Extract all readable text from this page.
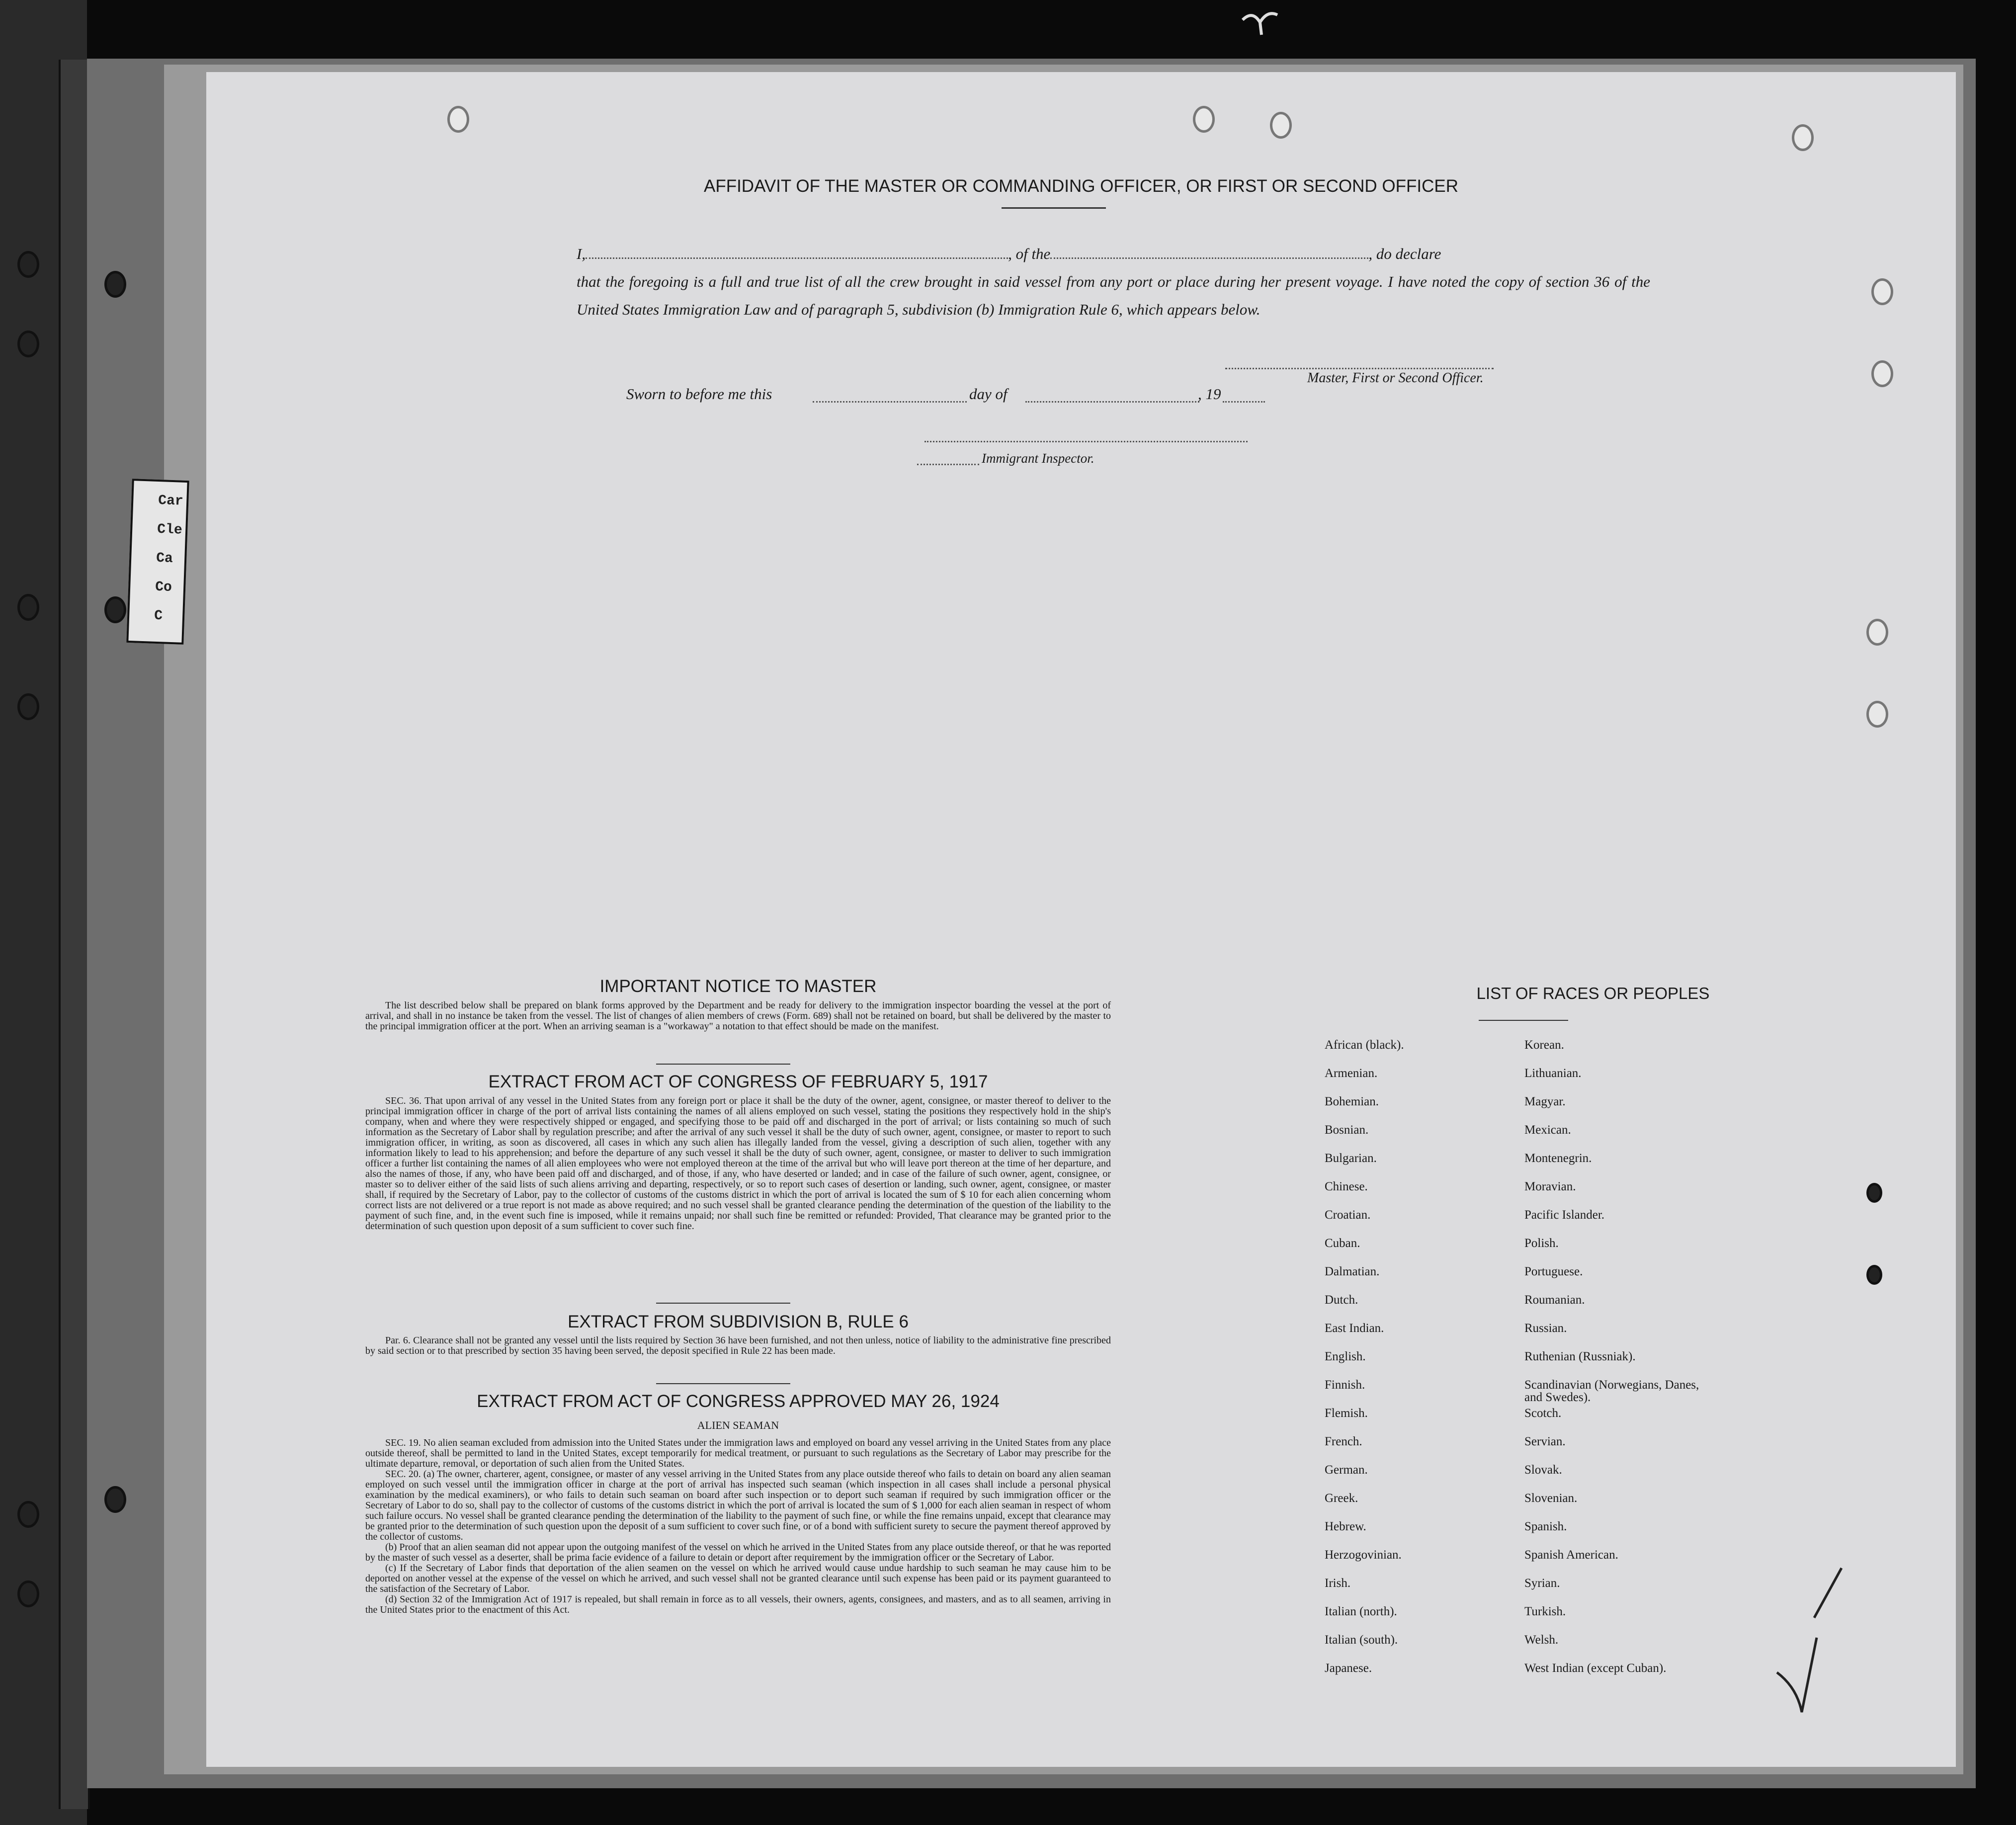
Car
Cle
Ca
Co
C
AFFIDAVIT OF THE MASTER OR COMMANDING OFFICER, OR FIRST OR SECOND OFFICER
I,	, of the	, do declare
that the foregoing is a full and true list of all the crew brought in said vessel from any port or place during her present voyage. I have noted the copy of section 36 of the United States Immigration Law and of paragraph 5, subdivision (b) Immigration Rule 6, which appears below.
Master, First or Second Officer.
Sworn to before me this	day of	, 19
Immigrant Inspector.
IMPORTANT NOTICE TO MASTER

The list described below shall be prepared on blank forms approved by the Department and be ready for delivery to the immigration inspector boarding the vessel at the port of arrival, and shall in no instance be taken from the vessel. The list of changes of alien members of crews (Form. 689) shall not be retained on board, but shall be delivered by the master to the principal immigration officer at the port. When an arriving seaman is a "workaway" a notation to that effect should be made on the manifest.

EXTRACT FROM ACT OF CONGRESS OF FEBRUARY 5, 1917

SEC. 36. That upon arrival of any vessel in the United States from any foreign port or place it shall be the duty of the owner, agent, consignee, or master thereof to deliver to the principal immigration officer in charge of the port of arrival lists containing the names of all aliens employed on such vessel, stating the positions they respectively hold in the ship's company, when and where they were respectively shipped or engaged, and specifying those to be paid off and discharged in the port of arrival; or lists containing so much of such information as the Secretary of Labor shall by regulation prescribe; and after the arrival of any such vessel it shall be the duty of such owner, agent, consignee, or master to report to such immigration officer, in writing, as soon as discovered, all cases in which any such alien has illegally landed from the vessel, giving a description of such alien, together with any information likely to lead to his apprehension; and before the departure of any such vessel it shall be the duty of such owner, agent, consignee, or master to deliver to such immigration officer a further list containing the names of all alien employees who were not employed thereon at the time of the arrival but who will leave port thereon at the time of her departure, and also the names of those, if any, who have been paid off and discharged, and of those, if any, who have deserted or landed; and in case of the failure of such owner, agent, consignee, or master so to deliver either of the said lists of such aliens arriving and departing, respectively, or so to report such cases of desertion or landing, such owner, agent, consignee, or master shall, if required by the Secretary of Labor, pay to the collector of customs of the customs district in which the port of arrival is located the sum of $ 10 for each alien concerning whom correct lists are not delivered or a true report is not made as above required; and no such vessel shall be granted clearance pending the determination of the question of the liability to the payment of such fine, and, in the event such fine is imposed, while it remains unpaid; nor shall such fine be remitted or refunded: Provided, That clearance may be granted prior to the determination of such question upon deposit of a sum sufficient to cover such fine.

EXTRACT FROM SUBDIVISION B, RULE 6

Par. 6. Clearance shall not be granted any vessel until the lists required by Section 36 have been furnished, and not then unless, notice of liability to the administrative fine prescribed by said section or to that prescribed by section 35 having been served, the deposit specified in Rule 22 has been made.

EXTRACT FROM ACT OF CONGRESS APPROVED MAY 26, 1924
ALIEN SEAMAN

SEC. 19. No alien seaman excluded from admission into the United States under the immigration laws and employed on board any vessel arriving in the United States from any place outside thereof, shall be permitted to land in the United States, except temporarily for medical treatment, or pursuant to such regulations as the Secretary of Labor may prescribe for the ultimate departure, removal, or deportation of such alien from the United States.

SEC. 20. (a) The owner, charterer, agent, consignee, or master of any vessel arriving in the United States from any place outside thereof who fails to detain on board any alien seaman employed on such vessel until the immigration officer in charge at the port of arrival has inspected such seaman (which inspection in all cases shall include a personal physical examination by the medical examiners), or who fails to detain such seaman on board after such inspection or to deport such seaman if required by such immigration officer or the Secretary of Labor to do so, shall pay to the collector of customs of the customs district in which the port of arrival is located the sum of $ 1,000 for each alien seaman in respect of whom such failure occurs. No vessel shall be granted clearance pending the determination of the liability to the payment of such fine, or while the fine remains unpaid, except that clearance may be granted prior to the determination of such question upon the deposit of a sum sufficient to cover such fine, or of a bond with sufficient surety to secure the payment thereof approved by the collector of customs.

(b) Proof that an alien seaman did not appear upon the outgoing manifest of the vessel on which he arrived in the United States from any place outside thereof, or that he was reported by the master of such vessel as a deserter, shall be prima facie evidence of a failure to detain or deport after requirement by the immigration officer or the Secretary of Labor.

(c) If the Secretary of Labor finds that deportation of the alien seamen on the vessel on which he arrived would cause undue hardship to such seaman he may cause him to be deported on another vessel at the expense of the vessel on which he arrived, and such vessel shall not be granted clearance until such expense has been paid or its payment guaranteed to the satisfaction of the Secretary of Labor.

(d) Section 32 of the Immigration Act of 1917 is repealed, but shall remain in force as to all vessels, their owners, agents, consignees, and masters, and as to all seamen, arriving in the United States prior to the enactment of this Act.

LIST OF RACES OR PEOPLES
African (black).
Armenian.
Bohemian.
Bosnian.
Bulgarian.
Chinese.
Croatian.
Cuban.
Dalmatian.
Dutch.
East Indian.
English.
Finnish.
Flemish.
French.
German.
Greek.
Hebrew.
Herzogovinian.
Irish.
Italian (north).
Italian (south).
Japanese.
Korean.
Lithuanian.
Magyar.
Mexican.
Montenegrin.
Moravian.
Pacific Islander.
Polish.
Portuguese.
Roumanian.
Russian.
Ruthenian (Russniak).
Scandinavian (Norwegians, Danes, and Swedes).
Scotch.
Servian.
Slovak.
Slovenian.
Spanish.
Spanish American.
Syrian.
Turkish.
Welsh.
West Indian (except Cuban).
